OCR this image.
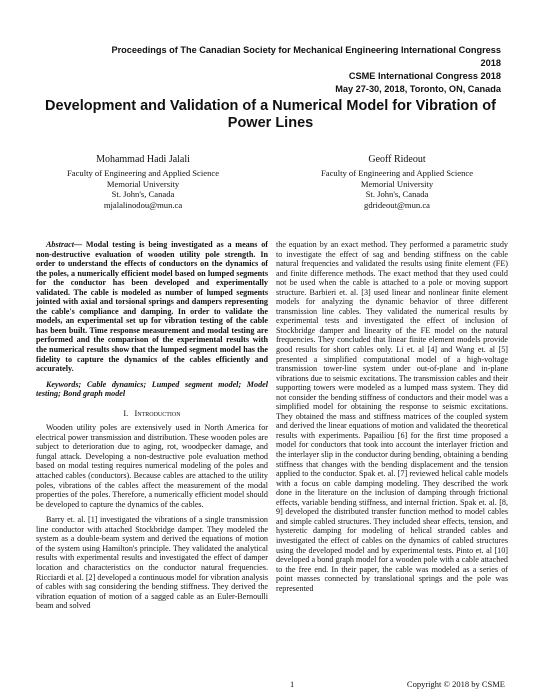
Proceedings of The Canadian Society for Mechanical Engineering International Congress 2018
CSME International Congress 2018
May 27-30, 2018, Toronto, ON, Canada
Development and Validation of a Numerical Model for Vibration of Power Lines
Mohammad Hadi Jalali
Faculty of Engineering and Applied Science
Memorial University
St. John's, Canada
mjalalinodou@mun.ca
Geoff Rideout
Faculty of Engineering and Applied Science
Memorial University
St. John's, Canada
gdrideout@mun.ca

Abstract— Modal testing is being investigated as a means of non-destructive evaluation of wooden utility pole strength. In order to understand the effects of conductors on the dynamics of the poles, a numerically efficient model based on lumped segments for the conductor has been developed and experimentally validated. The cable is modeled as number of lumped segments jointed with axial and torsional springs and dampers representing the cable's compliance and damping. In order to validate the models, an experimental set up for vibration testing of the cable has been built. Time response measurement and modal testing are performed and the comparison of the experimental results with the numerical results show that the lumped segment model has the fidelity to capture the dynamics of the cables efficiently and accurately.

Keywords; Cable dynamics; Lumped segment model; Model testing; Bond graph model

I. Introduction

Wooden utility poles are extensively used in North America for electrical power transmission and distribution. These wooden poles are subject to deterioration due to aging, rot, woodpecker damage, and fungal attack. Developing a non-destructive pole evaluation method based on modal testing requires numerical modeling of the poles and attached cables (conductors). Because cables are attached to the utility poles, vibrations of the cables affect the measurement of the modal properties of the poles. Therefore, a numerically efficient model should be developed to capture the dynamics of the cables.

Barry et. al. [1] investigated the vibrations of a single transmission line conductor with attached Stockbridge damper. They modeled the system as a double-beam system and derived the equations of motion of the system using Hamilton's principle. They validated the analytical results with experimental results and investigated the effect of damper location and characteristics on the conductor natural frequencies. Ricciardi et al. [2] developed a continuous model for vibration analysis of cables with sag considering the bending stiffness. They derived the vibration equation of motion of a sagged cable as an Euler-Bernoulli beam and solved

the equation by an exact method. They performed a parametric study to investigate the effect of sag and bending stiffness on the cable natural frequencies and validated the results using finite element (FE) and finite difference methods. The exact method that they used could not be used when the cable is attached to a pole or moving support structure. Barbieri et. al. [3] used linear and nonlinear finite element models for analyzing the dynamic behavior of three different transmission line cables. They validated the numerical results by experimental tests and investigated the effect of inclusion of Stockbridge damper and linearity of the FE model on the natural frequencies. They concluded that linear finite element models provide good results for short cables only. Li et. al [4] and Wang et. al [5] presented a simplified computational model of a high-voltage transmission tower-line system under out-of-plane and in-plane vibrations due to seismic excitations. The transmission cables and their supporting towers were modeled as a lumped mass system. They did not consider the bending stiffness of conductors and their model was a simplified model for obtaining the response to seismic excitations. They obtained the mass and stiffness matrices of the coupled system and derived the linear equations of motion and validated the theoretical results with experiments. Papailiou [6] for the first time proposed a model for conductors that took into account the interlayer friction and the interlayer slip in the conductor during bending, obtaining a bending stiffness that changes with the bending displacement and the tension applied to the conductor. Spak et. al. [7] reviewed helical cable models with a focus on cable damping modeling. They described the work done in the literature on the inclusion of damping through frictional effects, variable bending stiffness, and internal friction. Spak et. al. [8, 9] developed the distributed transfer function method to model cables and simple cabled structures. They included shear effects, tension, and hysteretic damping for modeling of helical stranded cables and investigated the effect of cables on the dynamics of cabled structures using the developed model and by experimental tests. Pinto et. al [10] developed a bond graph model for a wooden pole with a cable attached to the free end. In their paper, the cable was modeled as a series of point masses connected by translational springs and the pole was represented

1	Copyright © 2018 by CSME
